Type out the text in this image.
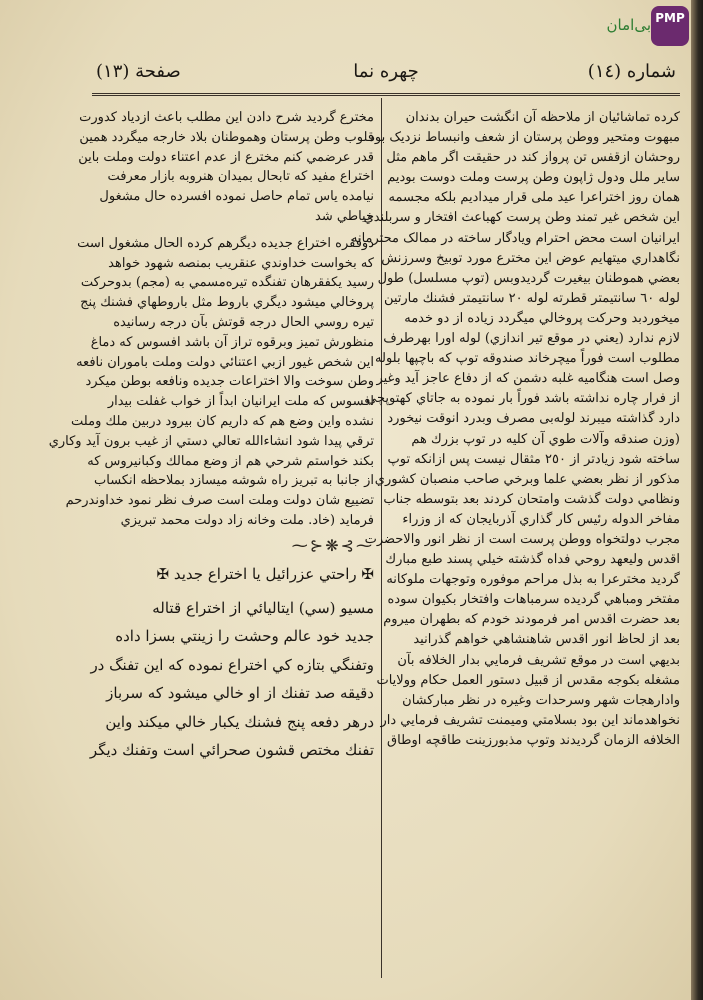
بی‌امان PMP
شماره (١٤)
چهره نما
صفحة (١٣)
کرده تماشائیان از ملاحظه آن انگشت حیران بدندان
مبهوت ومتحیر ووطن پرستان از شعف وانبساط نزدیک بود
روحشان ازقفس تن پرواز کند در حقیقت اگر ماهم مثل
سایر ملل ودول ژاپون وطن پرست وملت دوست بودیم
همان روز اختراعرا عید ملی قرار میدادیم بلکه مجسمه
این شخص غیر تمند وطن پرست کهباعث افتخار و سربلندي
ایرانیان است محض احترام ویادگار ساخته در ممالک محترمانه
نگاهداري میتهایم عوض این مخترع مورد توبیخ وسرزنش
بعضي هموطنان بیغیرت گردیدوبس (توپ مسلسل) طول
لوله ٦٠ سانتیمتر قطرته لوله ٢٠ سانتیمتر فشنك مارتین
میخوردبد وحرکت پروخالي میگردد زیاده از دو خدمه
لازم ندارد (یعني در موقع تیر اندازي) لوله اورا بهرطرف
مطلوب است فوراً میچرخاند صندوقه توپ که باچپها بلوله
وصل است هنگامیه غلبه دشمن که از دفاع عاجز آید وغیر
از فرار چاره نداشته باشد فوراً بار نموده به جاتاي کهتوپچي
دارد گذاشته میبرند لوله‌بی مصرف وبدرد انوقت نیخورد
(وزن صندقه وآلات طوي آن کلیه در توپ بزرك هم
ساخته شود زیادتر از ٢٥٠ مثقال نیست پس ازانکه توپ
مذکور از نظر بعضي علما وبرخي صاحب منصبان کشوري
ونظامي دولت گذشت وامتحان کردند بعد بتوسطه جناب
مفاخر الدوله رئیس کار گذاري آذربایجان که از وزراء
مجرب دولتخواه ووطن پرست است از نظر انور والاحضرت
اقدس ولیعهد روحي فداه گذشته خیلي پسند طبع مبارك
گردید مخترعرا به بذل مراحم موفوره وتوجهات ملوکانه
مفتخر ومباهي گردیده سرمباهات وافتخار بکیوان سوده
بعد حضرت اقدس امر فرمودند خودم که بطهران میروم
بعد از لحاظ انور اقدس شاهنشاهي خواهم گذرانید
بدیهي است در موقع تشریف فرمایي بدار الخلافه بآن
مشغله بکوجه مقدس از قبیل دستور العمل حکام وولایات
وادارهجات شهر وسرحدات وغیره در نظر مبارکشان
نخواهدماند این بود بسلامتي ومیمنت تشریف فرمایي دار
الخلافه الزمان گردیدند وتوپ مذبورزینت طاقچه اوطاق
مخترع گردید شرح دادن این مطلب باعث ازدیاد کدورت
قلوب وطن پرستان وهموطنان بلاد خارجه میگردد همین
قدر عرضمي کنم مخترع از عدم اعتناء دولت وملت باین
اختراع مفید که تابحال بمیدان هنروبه بازار معرفت
نیامده یاس تمام حاصل نموده افسرده حال مشغول
خیاطي شد
دوفقره اختراع جدیده دیگرهم کرده الحال مشغول است
که بخواست خداوندي عنقریب بمنصه شهود خواهد
رسید یکفقرهان تفنگده تیره‌مسمي به (مجم) بدوحرکت
پروخالي میشود دیگري باروط مثل باروطهاي فشنك پنج
تیره روسي الحال درجه قوتش بآن درجه رسانیده
منظورش تمیز وبرقوه تراز آن باشد افسوس که دماغ
این شخص غیور ازبي اعتنائي دولت وملت باموران نافعه
وطن سوخت والا اختراعات جدیده ونافعه بوطن میکرد
افسوس که ملت ایرانیان ابداً از خواب غفلت بیدار
نشده واین وضع هم که داریم کان بیرود دربین ملك وملت
ترقي پیدا شود انشاءالله تعالي دستي از غیب برون آید وکاري
بکند خواستم شرحي هم از وضع ممالك وکبانیروس که
از جانبا به تبریز راه شوشه میسازد بملاحظه انکساب
تضییع شان دولت وملت است صرف نظر نمود خداوندرحم
فرماید (خاد. ملت وخانه زاد دولت محمد تبریزي
⁓⊱❋⊰⁓
✠ راحتي عزرائیل یا اختراع جدید ✠
مسیو (سي) ایتالیائي از اختراع قتاله
جدید خود عالم وحشت را زینتي بسزا داده
وتفنگي بتازه کي اختراع نموده که این تفنگ در
دقیقه صد تفنك از او خالي میشود که سرباز
درهر دفعه پنج فشنك یکبار خالي میکند واین
تفنك مختص قشون صحرائي است وتفنك دیگر
